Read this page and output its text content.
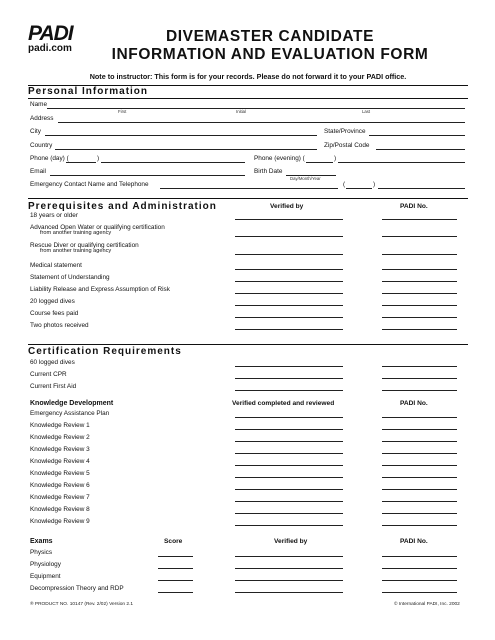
PADI
padi.com
DIVEMASTER CANDIDATE
INFORMATION AND EVALUATION FORM
Note to instructor: This form is for your records. Please do not forward it to your PADI office.
Personal Information
Name
First	Initial	Last
Address
City	State/Province
Country	Zip/Postal Code
Phone (day) (	)	Phone (evening) (	)
Email	Birth Date
Day/Month/Year
Emergency Contact Name and Telephone	(	)
Prerequisites and Administration	Verified by	PADI No.
18 years or older
Advanced Open Water or qualifying certification
from another training agency
Rescue Diver or qualifying certification
from another training agency
Medical statement
Statement of Understanding
Liability Release and Express Assumption of Risk
20 logged dives
Course fees paid
Two photos received
Certification Requirements
60 logged dives
Current CPR
Current First Aid
Knowledge Development	Verified completed and reviewed	PADI No.
Emergency Assistance Plan
Knowledge Review 1
Knowledge Review 2
Knowledge Review 3
Knowledge Review 4
Knowledge Review 5
Knowledge Review 6
Knowledge Review 7
Knowledge Review 8
Knowledge Review 9
Exams	Score	Verified by	PADI No.
Physics
Physiology
Equipment
Decompression Theory and RDP
® PRODUCT NO. 10147 (Rev. 2/02) Version 2.1	© International PADI, Inc. 2002
